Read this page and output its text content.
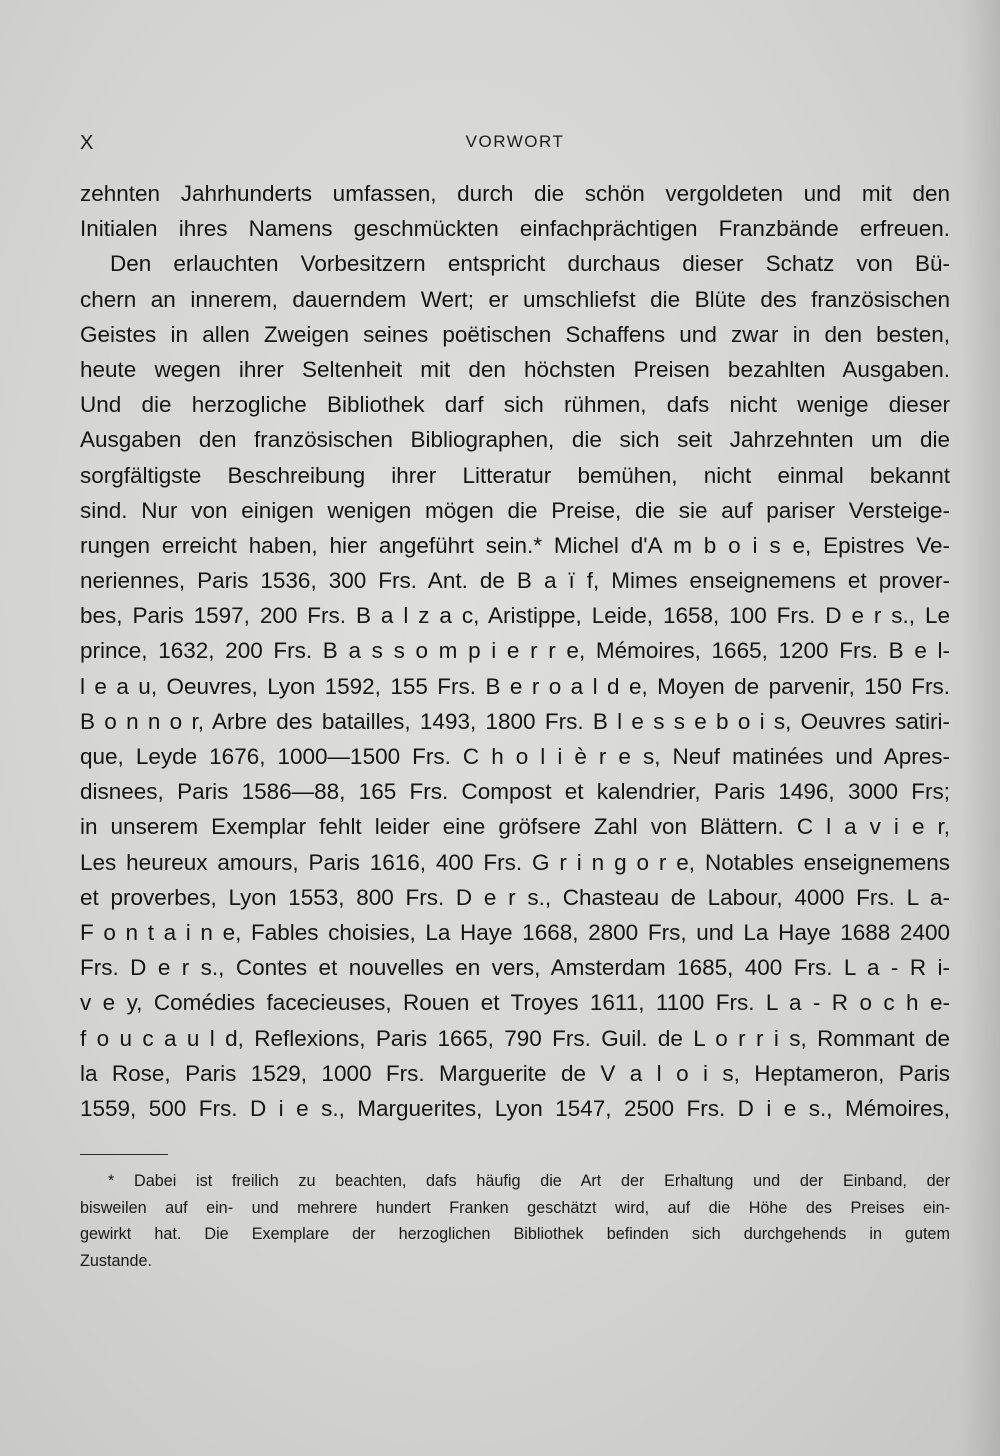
X	VORWORT
zehnten Jahrhunderts umfassen, durch die schön vergoldeten und mit den
Initialen ihres Namens geschmückten einfachprächtigen Franzbände erfreuen.
Den erlauchten Vorbesitzern entspricht durchaus dieser Schatz von Bü-
chern an innerem, dauerndem Wert; er umschliefst die Blüte des französischen
Geistes in allen Zweigen seines poëtischen Schaffens und zwar in den besten,
heute wegen ihrer Seltenheit mit den höchsten Preisen bezahlten Ausgaben.
Und die herzogliche Bibliothek darf sich rühmen, dafs nicht wenige dieser
Ausgaben den französischen Bibliographen, die sich seit Jahrzehnten um die
sorgfältigste Beschreibung ihrer Litteratur bemühen, nicht einmal bekannt
sind. Nur von einigen wenigen mögen die Preise, die sie auf pariser Versteige-
rungen erreicht haben, hier angeführt sein.* Michel d'A m b o i s e, Epistres Ve-
neriennes, Paris 1536, 300 Frs. Ant. de B a ï f, Mimes enseignemens et prover-
bes, Paris 1597, 200 Frs. B a l z a c, Aristippe, Leide, 1658, 100 Frs. D e r s., Le
prince, 1632, 200 Frs. B a s s o m p i e r r e, Mémoires, 1665, 1200 Frs. B e l-
l e a u, Oeuvres, Lyon 1592, 155 Frs. B e r o a l d e, Moyen de parvenir, 150 Frs.
B o n n o r, Arbre des batailles, 1493, 1800 Frs. B l e s s e b o i s, Oeuvres satiri-
que, Leyde 1676, 1000—1500 Frs. C h o l i è r e s, Neuf matinées und Apres-
disnees, Paris 1586—88, 165 Frs. Compost et kalendrier, Paris 1496, 3000 Frs;
in unserem Exemplar fehlt leider eine gröfsere Zahl von Blättern. C l a v i e r,
Les heureux amours, Paris 1616, 400 Frs. G r i n g o r e, Notables enseignemens
et proverbes, Lyon 1553, 800 Frs. D e r s., Chasteau de Labour, 4000 Frs. L a-
F o n t a i n e, Fables choisies, La Haye 1668, 2800 Frs, und La Haye 1688 2400
Frs. D e r s., Contes et nouvelles en vers, Amsterdam 1685, 400 Frs. L a - R i-
v e y, Comédies facecieuses, Rouen et Troyes 1611, 1100 Frs. L a - R o c h e-
f o u c a u l d, Reflexions, Paris 1665, 790 Frs. Guil. de L o r r i s, Rommant de
la Rose, Paris 1529, 1000 Frs. Marguerite de V a l o i s, Heptameron, Paris
1559, 500 Frs. D i e s., Marguerites, Lyon 1547, 2500 Frs. D i e s., Mémoires,
* Dabei ist freilich zu beachten, dafs häufig die Art der Erhaltung und der Einband, der
bisweilen auf ein- und mehrere hundert Franken geschätzt wird, auf die Höhe des Preises ein-
gewirkt hat. Die Exemplare der herzoglichen Bibliothek befinden sich durchgehends in gutem
Zustande.
